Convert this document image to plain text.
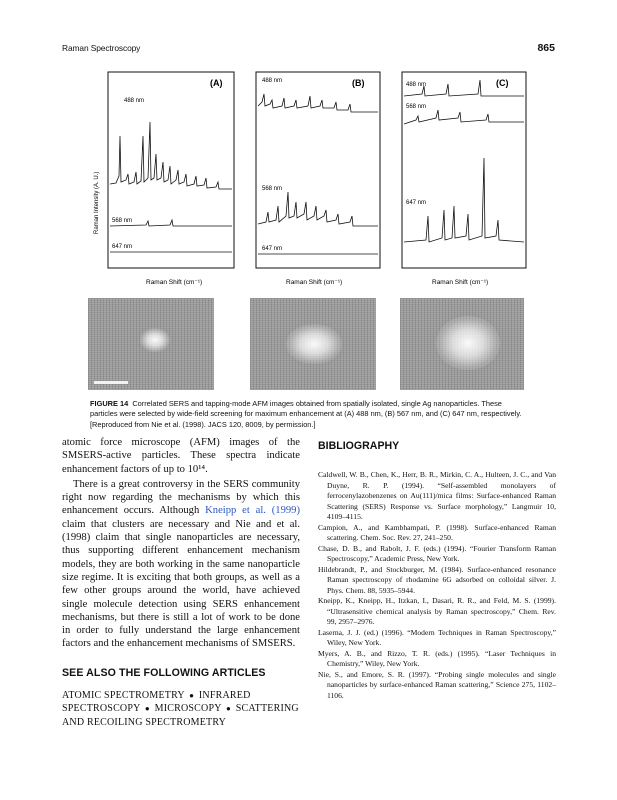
Raman Spectroscopy	865
(A)
488 nm
568 nm
647 nm
Raman Intensity (A. U.)
Raman Shift (cm⁻¹)
(B)
488 nm
568 nm
647 nm
Raman Shift (cm⁻¹)
(C)
488 nm
568 nm
647 nm
Raman Shift (cm⁻¹)

FIGURE 14 Correlated SERS and tapping-mode AFM images obtained from spatially isolated, single Ag nanoparticles. These particles were selected by wide-field screening for maximum enhancement at (A) 488 nm, (B) 567 nm, and (C) 647 nm, respectively. [Reproduced from Nie et al. (1998). JACS 120, 8009, by permission.]

atomic force microscope (AFM) images of the SMSERS-active particles. These spectra indicate enhancement factors of up to 10¹⁴.

There is a great controversy in the SERS community right now regarding the mechanisms by which this enhancement occurs. Although Kneipp et al. (1999) claim that clusters are necessary and Nie and et al. (1998) claim that single nanoparticles are necessary, thus supporting different enhancement mechanism models, they are both working in the same nanoparticle size regime. It is exciting that both groups, as well as a few other groups around the world, have achieved single molecule detection using SERS enhancement mechanisms, but there is still a lot of work to be done in order to fully understand the large enhancement factors and the enhancement mechanisms of SMSERS.

SEE ALSO THE FOLLOWING ARTICLES

ATOMIC SPECTROMETRY ● INFRARED SPECTROSCOPY ● MICROSCOPY ● SCATTERING AND RECOILING SPECTROMETRY

BIBLIOGRAPHY
Caldwell, W. B., Chen, K., Herr, B. R., Mirkin, C. A., Hulteen, J. C., and Van Duyne, R. P. (1994). “Self-assembled monolayers of ferrocenylazobenzenes on Au(111)/mica films: Surface-enhanced Raman Scattering (SERS) Response vs. Surface morphology,” Langmuir 10, 4109–4115.
Campion, A., and Kambhampati, P. (1998). Surface-enhanced Raman scattering. Chem. Soc. Rev. 27, 241–250.
Chase, D. B., and Rabolt, J. F. (eds.) (1994). “Fourier Transform Raman Spectroscopy,” Academic Press, New York.
Hildebrandt, P., and Stockburger, M. (1984). Surface-enhanced resonance Raman spectroscopy of rhodamine 6G adsorbed on colloidal silver. J. Phys. Chem. 88, 5935–5944.
Kneipp, K., Kneipp, H., Itzkan, I., Dasari, R. R., and Feld, M. S. (1999). “Ultrasensitive chemical analysis by Raman spectroscopy,” Chem. Rev. 99, 2957–2976.
Laserna, J. J. (ed.) (1996). “Modern Techniques in Raman Spectroscopy,” Wiley, New York.
Myers, A. B., and Rizzo, T. R. (eds.) (1995). “Laser Techniques in Chemistry,” Wiley, New York.
Nie, S., and Emore, S. R. (1997). “Probing single molecules and single nanoparticles by surface-enhanced Raman scattering,” Science 275, 1102–1106.
